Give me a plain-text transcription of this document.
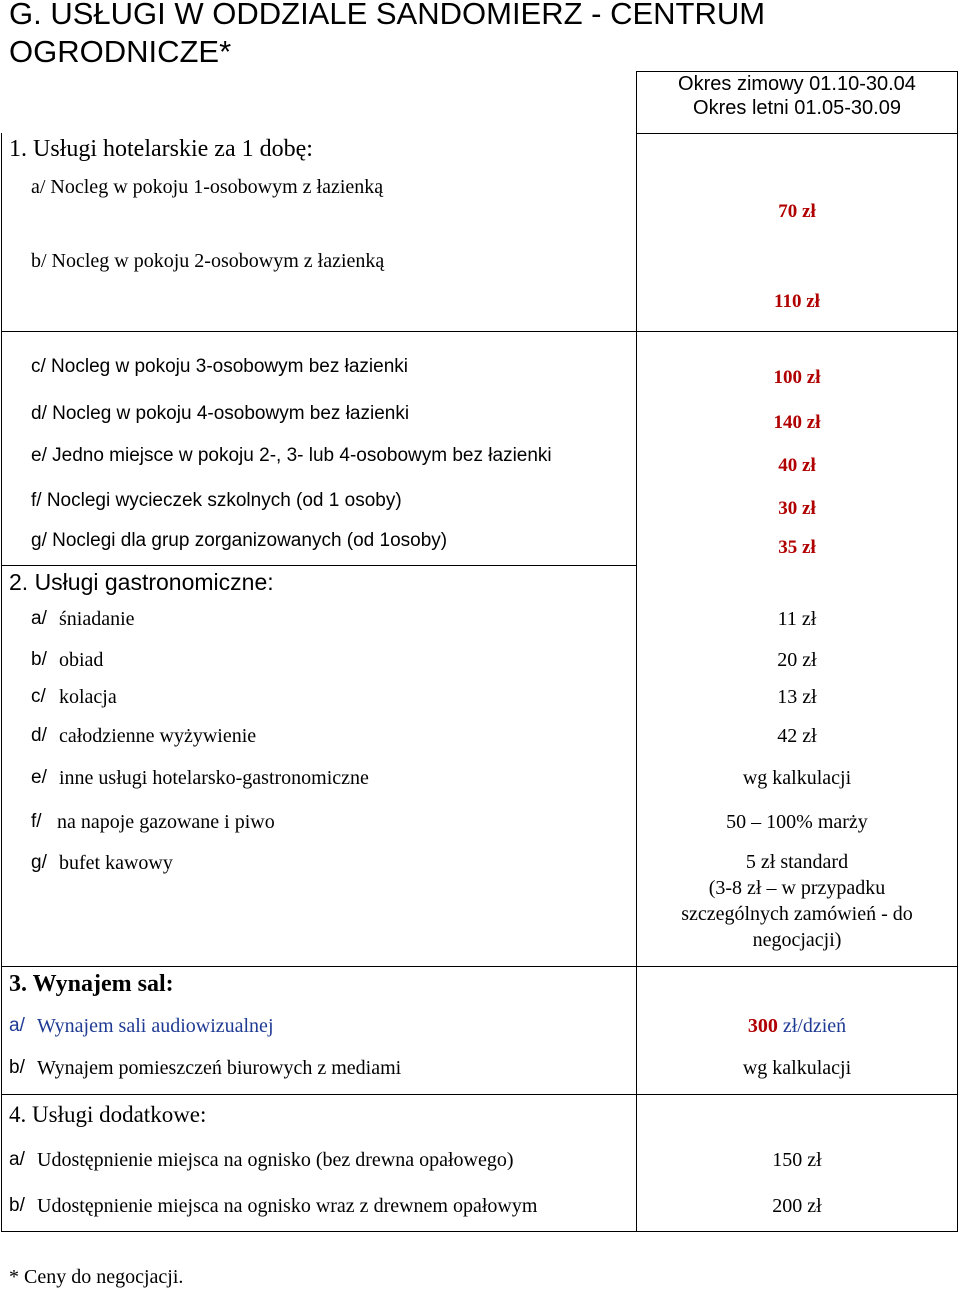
G. USŁUGI W ODDZIALE SANDOMIERZ - CENTRUM
OGRODNICZE*
Okres zimowy 01.10-30.04
Okres letni 01.05-30.09
1. Usługi hotelarskie za 1 dobę:
a/ Nocleg w pokoju 1-osobowym z łazienką
b/ Nocleg w pokoju 2-osobowym z łazienką
c/ Nocleg w pokoju 3-osobowym bez łazienki
d/ Nocleg w pokoju 4-osobowym bez łazienki
e/ Jedno miejsce w pokoju 2-, 3- lub 4-osobowym bez łazienki
f/ Noclegi wycieczek szkolnych (od 1 osoby)
g/ Noclegi dla grup zorganizowanych (od 1osoby)
70 zł
110 zł
100 zł
140 zł
40 zł
30 zł
35 zł
2. Usługi gastronomiczne:
a/ śniadanie
b/ obiad
c/ kolacja
d/ całodzienne wyżywienie
e/ inne usługi hotelarsko-gastronomiczne
f/ na napoje gazowane i piwo
g/ bufet kawowy
11 zł
20 zł
13 zł
42 zł
wg kalkulacji
50 – 100% marży
5 zł standard
(3-8 zł – w przypadku
szczególnych zamówień - do
negocjacji)
3. Wynajem sal:
a/ Wynajem sali audiowizualnej
b/ Wynajem pomieszczeń biurowych z mediami
300 zł/dzień
wg kalkulacji
4. Usługi dodatkowe:
a/ Udostępnienie miejsca na ognisko (bez drewna opałowego)
b/ Udostępnienie miejsca na ognisko wraz z drewnem opałowym
150 zł
200 zł
* Ceny do negocjacji.
